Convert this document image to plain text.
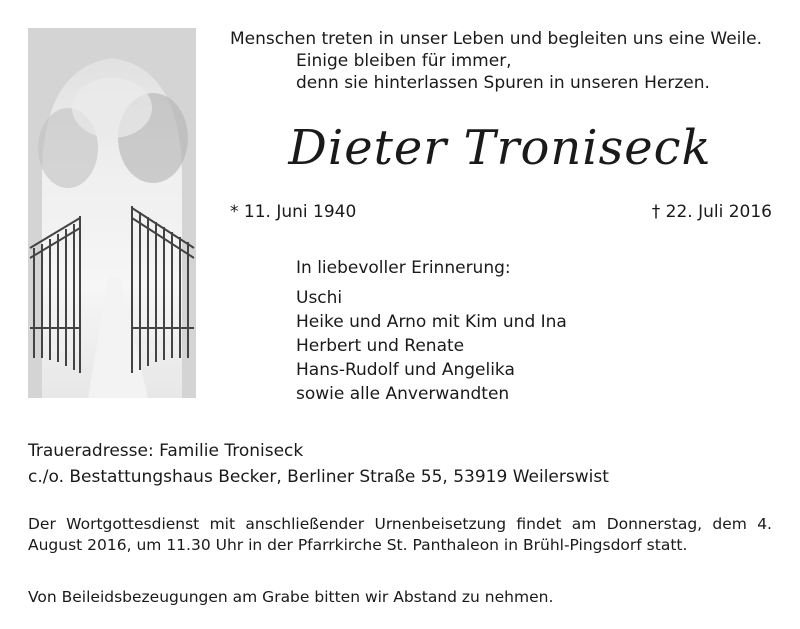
Menschen treten in unser Leben und begleiten uns eine Weile.
Einige bleiben für immer,
denn sie hinterlassen Spuren in unseren Herzen.
Dieter Troniseck
* 11. Juni 1940	† 22. Juli 2016
In liebevoller Erinnerung:
Uschi
Heike und Arno mit Kim und Ina
Herbert und Renate
Hans-Rudolf und Angelika
sowie alle Anverwandten
Traueradresse: Familie Troniseck
c./o. Bestattungshaus Becker, Berliner Straße 55, 53919 Weilerswist
Der Wortgottesdienst mit anschließender Urnenbeisetzung findet am Donnerstag, dem 4. August 2016, um 11.30 Uhr in der Pfarrkirche St. Panthaleon in Brühl-Pingsdorf statt.
Von Beileidsbezeugungen am Grabe bitten wir Abstand zu nehmen.
